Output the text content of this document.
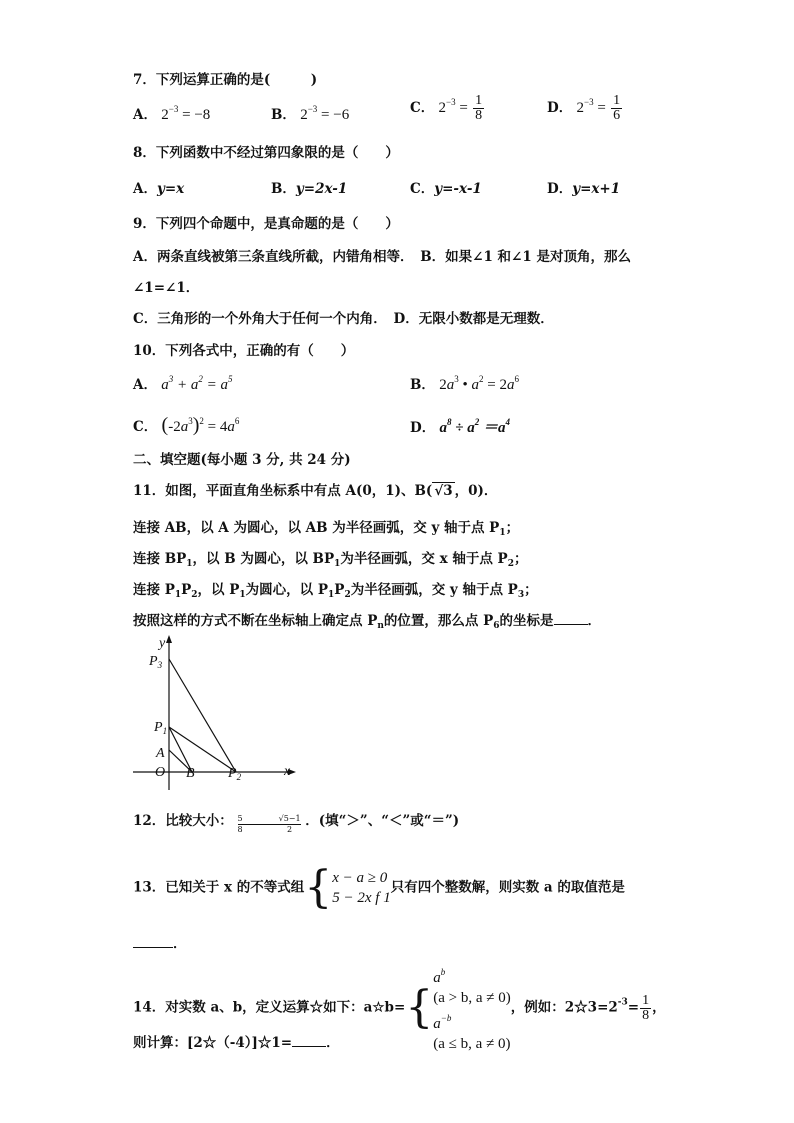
7．下列运算正确的是(　　　)
A． $2^{-3} = -8$	B． $2^{-3} = -6$	C． $2^{-3} = \frac{1}{8}$	D． $2^{-3} = \frac{1}{6}$
8．下列函数中不经过第四象限的是（　　）
A．y=x	B．y=2x-1	C．y=-x-1	D．y=x+1
9．下列四个命题中，是真命题的是（　　）
A．两条直线被第三条直线所截，内错角相等．　B．如果∠1 和∠1 是对顶角，那么
∠1=∠1．
C．三角形的一个外角大于任何一个内角．　D．无限小数都是无理数．
10．下列各式中，正确的有（　　）
A． $a^3 + a^2 = a^5$	B． $2a^3$ • $a^2 = 2a^6$
C． $(-2a^3)^2 = 4a^6$	D． $a^8 \div a^2 =a^4$
二、填空题(每小题 3 分, 共 24 分)
11．如图，平面直角坐标系中有点 A(0，1)、B( √3 ，0)．
连接 AB，以 A 为圆心，以 AB 为半径画弧，交 y 轴于点 $P_1$；
连接 $BP_1$，以 B 为圆心，以 $BP_1$为半径画弧，交 x 轴于点 $P_2$；
连接 $P_1P_2$，以 $P_1$为圆心，以 $P_1P_2$为半径画弧，交 y 轴于点 $P_3$；
按照这样的方式不断在坐标轴上确定点 $P_n$的位置，那么点 $P_6$的坐标是	．
y
x
O
A
B
$P_3$
$P_1$
$P_2$
12．比较大小： $\frac{5}{8}$	$\frac{√5-1}{2}$ ．(填“＞”、“＜”或“＝”)
13．已知关于 x 的不等式组{ x − a ≥ 0
5 − 2x f 1
只有四个整数解，则实数 a 的取值范是
．
14．对实数 a、b，定义运算☆如下：a☆b={
$a^b$
(a > b, a ≠ 0)
$a^{-b}$
(a ≤ b, a ≠ 0)
，例如：$2☆3=2^{-3}= \frac{1}{8}$ ，
则计算：[2☆（-4）]☆1=	．
